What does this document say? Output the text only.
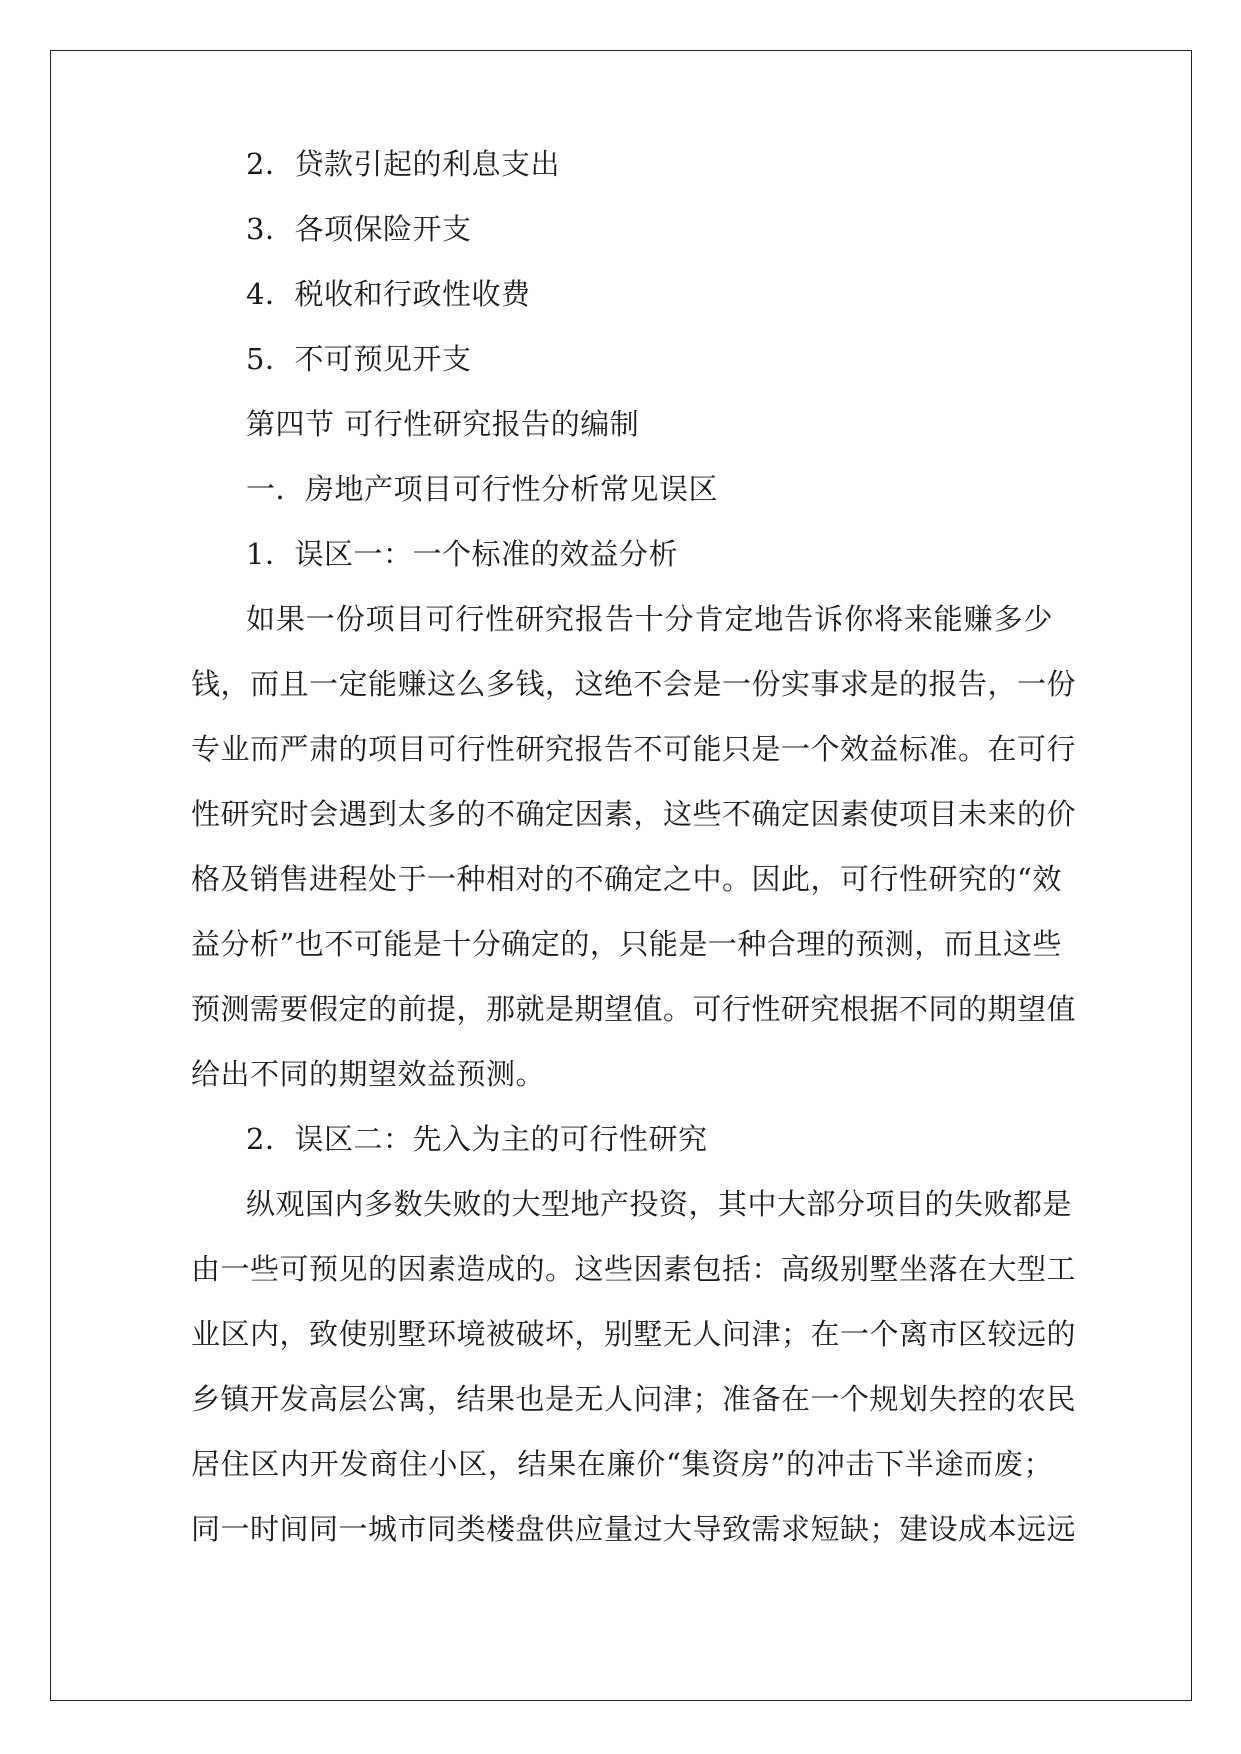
2．贷款引起的利息支出
3．各项保险开支
4．税收和行政性收费
5．不可预见开支
第四节 可行性研究报告的编制
一．房地产项目可行性分析常见误区
1．误区一：一个标准的效益分析
如果一份项目可行性研究报告十分肯定地告诉你将来能赚多少
钱，而且一定能赚这么多钱，这绝不会是一份实事求是的报告，一份
专业而严肃的项目可行性研究报告不可能只是一个效益标准。在可行
性研究时会遇到太多的不确定因素，这些不确定因素使项目未来的价
格及销售进程处于一种相对的不确定之中。因此，可行性研究的“效
益分析”也不可能是十分确定的，只能是一种合理的预测，而且这些
预测需要假定的前提，那就是期望值。可行性研究根据不同的期望值
给出不同的期望效益预测。
2．误区二：先入为主的可行性研究
纵观国内多数失败的大型地产投资，其中大部分项目的失败都是
由一些可预见的因素造成的。这些因素包括：高级别墅坐落在大型工
业区内，致使别墅环境被破坏，别墅无人问津；在一个离市区较远的
乡镇开发高层公寓，结果也是无人问津；准备在一个规划失控的农民
居住区内开发商住小区，结果在廉价“集资房”的冲击下半途而废；
同一时间同一城市同类楼盘供应量过大导致需求短缺；建设成本远远
